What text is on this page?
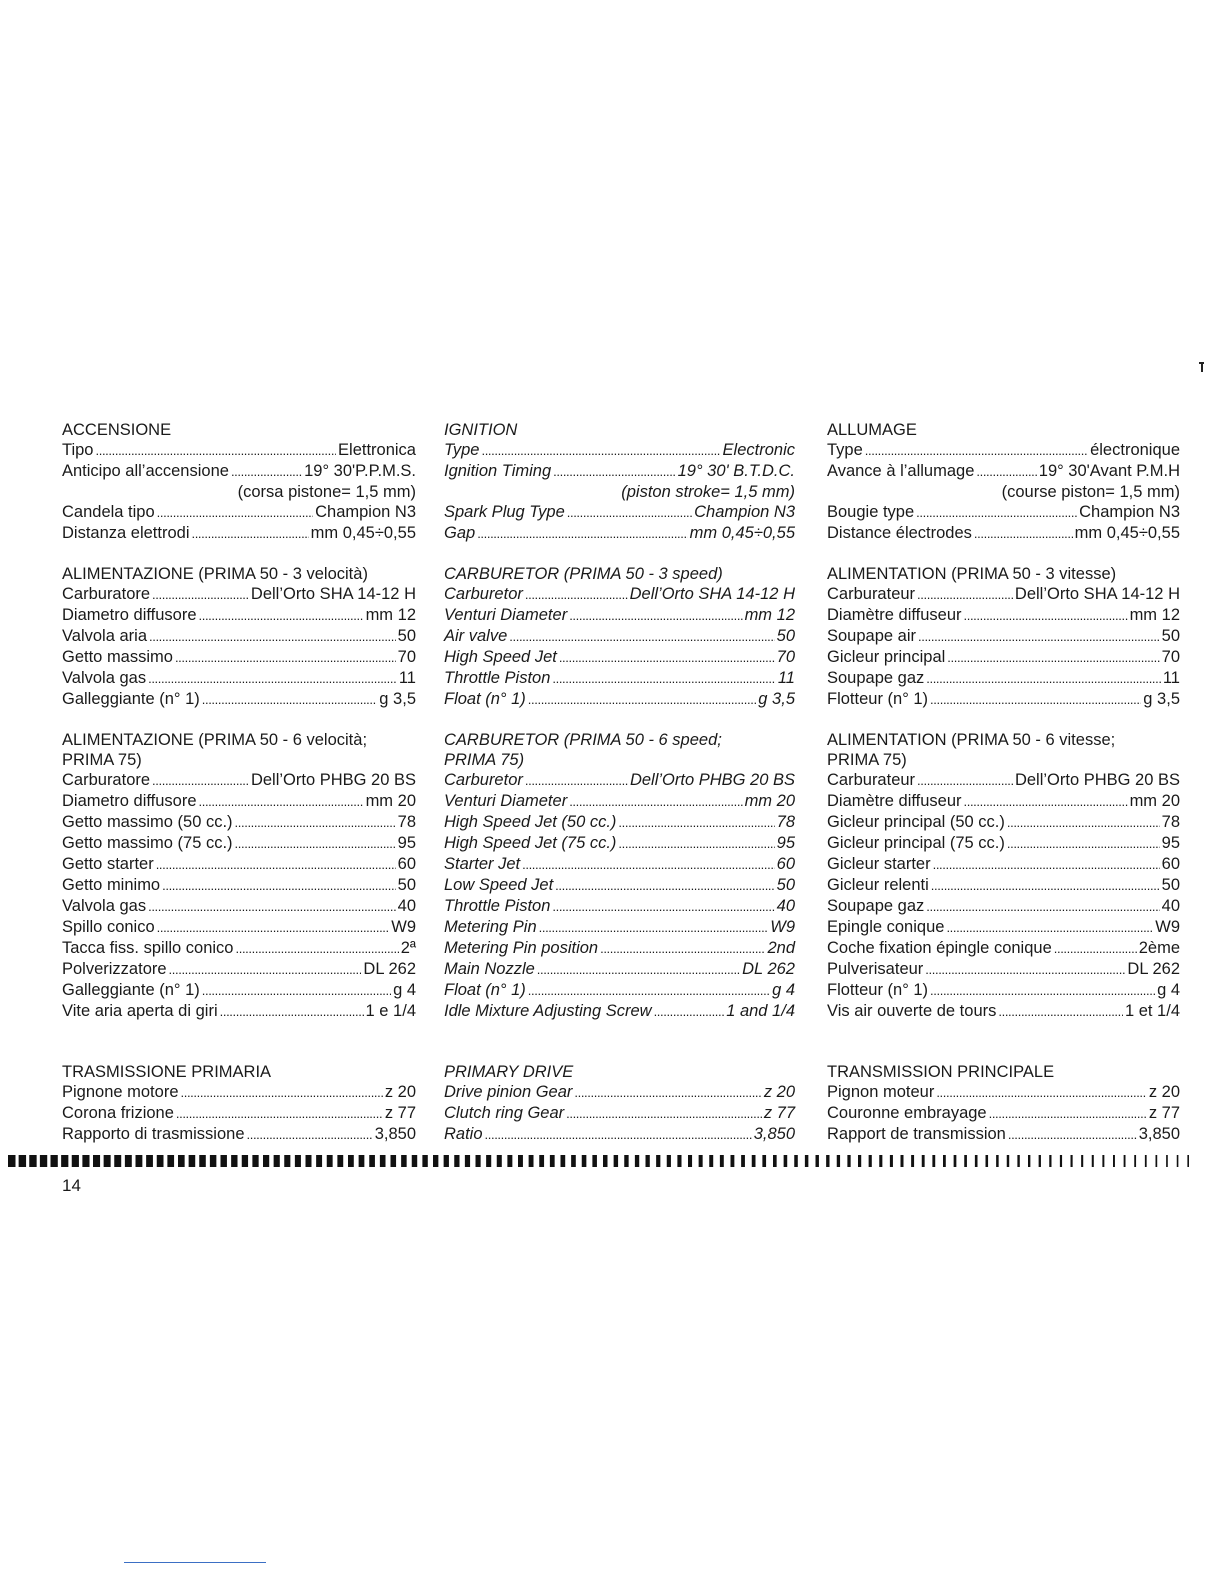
ACCENSIONE
Tipo . . .	Elettronica
Anticipo all’accensione . . .	19° 30'P.P.M.S.
(corsa pistone= 1,5 mm)
Candela tipo . . .	Champion N3
Distanza elettrodi . . .	mm 0,45÷0,55
ALIMENTAZIONE (PRIMA 50 - 3 velocità)
Carburatore . . .	Dell’Orto SHA 14-12 H
Diametro diffusore . . .	mm 12
Valvola aria . . .	50
Getto massimo . . .	70
Valvola gas . . .	11
Galleggiante (n° 1) . . .	g 3,5
ALIMENTAZIONE (PRIMA 50 - 6 velocità;
PRIMA 75)
Carburatore . . .	Dell’Orto PHBG 20 BS
Diametro diffusore . . .	mm 20
Getto massimo (50 cc.) . . .	78
Getto massimo (75 cc.) . . .	95
Getto starter . . .	60
Getto minimo . . .	50
Valvola gas . . .	40
Spillo conico . . .	W9
Tacca fiss. spillo conico . . .	2ª
Polverizzatore . . .	DL 262
Galleggiante (n° 1) . . .	g 4
Vite aria aperta di giri . . .	1 e 1/4
TRASMISSIONE PRIMARIA
Pignone motore . . .	z 20
Corona frizione . . .	z 77
Rapporto di trasmissione . . .	3,850
IGNITION
Type . . .	Electronic
Ignition Timing . . .	19° 30' B.T.D.C.
(piston stroke= 1,5 mm)
Spark Plug Type . . .	Champion N3
Gap . . .	mm 0,45÷0,55
CARBURETOR (PRIMA 50 - 3 speed)
Carburetor . . .	Dell’Orto SHA 14-12 H
Venturi Diameter . . .	mm 12
Air valve . . .	50
High Speed Jet . . .	70
Throttle Piston . . .	11
Float (n° 1) . . .	g 3,5
CARBURETOR (PRIMA 50 - 6 speed;
PRIMA 75)
Carburetor . . .	Dell’Orto PHBG 20 BS
Venturi Diameter . . .	mm 20
High Speed Jet (50 cc.) . . .	78
High Speed Jet (75 cc.) . . .	95
Starter Jet . . .	60
Low Speed Jet . . .	50
Throttle Piston . . .	40
Metering Pin . . .	W9
Metering Pin position . . .	2nd
Main Nozzle . . .	DL 262
Float (n° 1) . . .	g 4
Idle Mixture Adjusting Screw . . .	1 and 1/4
PRIMARY DRIVE
Drive pinion Gear . . .	z 20
Clutch ring Gear . . .	z 77
Ratio . . .	3,850
ALLUMAGE
Type . . .	électronique
Avance à l’allumage . . .	19° 30'Avant P.M.H
(course piston= 1,5 mm)
Bougie type . . .	Champion N3
Distance électrodes . . .	mm 0,45÷0,55
ALIMENTATION (PRIMA 50 - 3 vitesse)
Carburateur . . .	Dell’Orto SHA 14-12 H
Diamètre diffuseur . . .	mm 12
Soupape air . . .	50
Gicleur principal . . .	70
Soupape gaz . . .	11
Flotteur (n° 1) . . .	g 3,5
ALIMENTATION (PRIMA 50 - 6 vitesse;
PRIMA 75)
Carburateur . . .	Dell’Orto PHBG 20 BS
Diamètre diffuseur . . .	mm 20
Gicleur principal (50 cc.) . . .	78
Gicleur principal (75 cc.) . . .	95
Gicleur starter . . .	60
Gicleur relenti . . .	50
Soupape gaz . . .	40
Epingle conique . . .	W9
Coche fixation épingle conique . . .	2ème
Pulverisateur . . .	DL 262
Flotteur (n° 1) . . .	g 4
Vis air ouverte de tours . . .	1 et 1/4
TRANSMISSION PRINCIPALE
Pignon moteur . . .	z 20
Couronne embrayage . . .	z 77
Rapport de transmission . . .	3,850
14
